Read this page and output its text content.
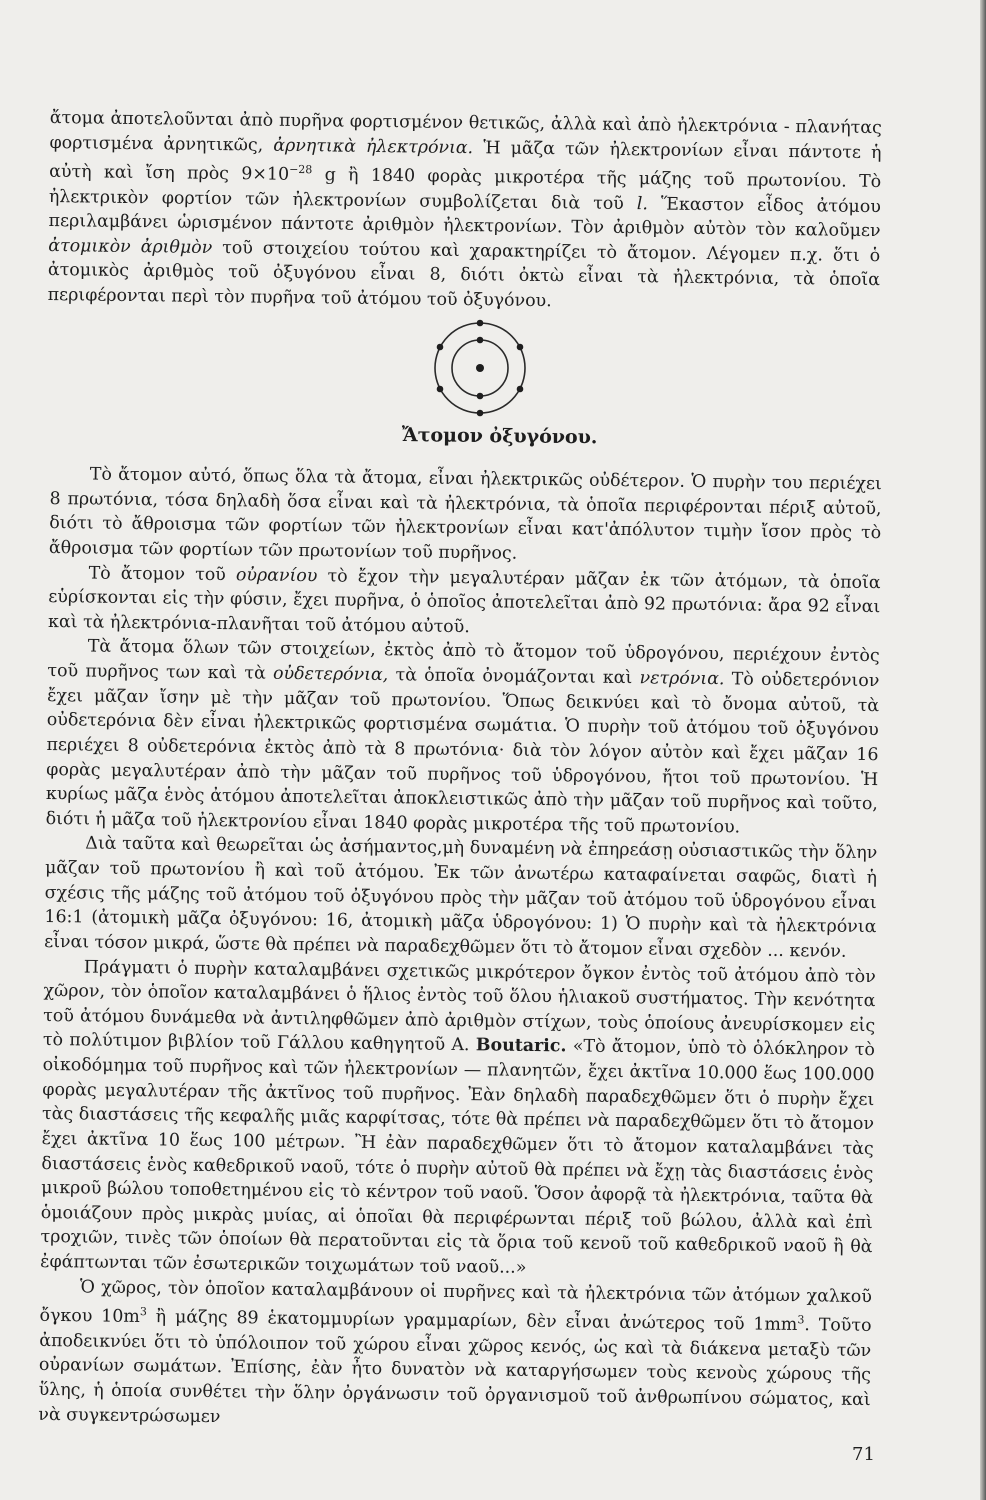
ἄτομα ἀποτελοῦνται ἀπὸ πυρῆνα φορτισμένον θετικῶς, ἀλλὰ καὶ ἀπὸ ἠλεκτρόνια - πλανήτας φορτισμένα ἀρνητικῶς, ἀρνητικὰ ἠλεκτρόνια. Ἡ μᾶζα τῶν ἠλεκτρονίων εἶναι πάντοτε ἡ αὐτὴ καὶ ἴση πρὸς $9\times 10^{-28}$ g ἢ 1840 φορὰς μικροτέρα τῆς μάζης τοῦ πρωτονίου. Τὸ ἠλεκτρικὸν φορτίον τῶν ἠλεκτρονίων συμβολίζεται διὰ τοῦ l. Ἕκαστον εἶδος ἀτόμου περιλαμβάνει ὡρισμένον πάντοτε ἀριθμὸν ἠλεκτρονίων. Τὸν ἀριθμὸν αὐτὸν τὸν καλοῦμεν ἀτομικὸν ἀριθμὸν τοῦ στοιχείου τούτου καὶ χαρακτηρίζει τὸ ἄτομον. Λέγομεν π.χ. ὅτι ὁ ἀτομικὸς ἀριθμὸς τοῦ ὀξυγόνου εἶναι 8, διότι ὀκτὼ εἶναι τὰ ἠλεκτρόνια, τὰ ὁποῖα περιφέρονται περὶ τὸν πυρῆνα τοῦ ἀτόμου τοῦ ὀξυγόνου.

Ἄτομον ὀξυγόνου.

Τὸ ἄτομον αὐτό, ὅπως ὅλα τὰ ἄτομα, εἶναι ἠλεκτρικῶς οὐδέτερον. Ὁ πυρὴν του περιέχει 8 πρωτόνια, τόσα δηλαδὴ ὅσα εἶναι καὶ τὰ ἠλεκτρόνια, τὰ ὁποῖα περιφέρονται πέριξ αὐτοῦ, διότι τὸ ἄθροισμα τῶν φορτίων τῶν ἠλεκτρονίων εἶναι κατ'ἀπόλυτον τιμὴν ἴσον πρὸς τὸ ἄθροισμα τῶν φορτίων τῶν πρωτονίων τοῦ πυρῆνος.

Τὸ ἄτομον τοῦ οὐρανίου τὸ ἔχον τὴν μεγαλυτέραν μᾶζαν ἐκ τῶν ἀτόμων, τὰ ὁποῖα εὑρίσκονται εἰς τὴν φύσιν, ἔχει πυρῆνα, ὁ ὁποῖος ἀποτελεῖται ἀπὸ 92 πρωτόνια: ἄρα 92 εἶναι καὶ τὰ ἠλεκτρόνια-πλανῆται τοῦ ἀτόμου αὐτοῦ.

Τὰ ἄτομα ὅλων τῶν στοιχείων, ἐκτὸς ἀπὸ τὸ ἄτομον τοῦ ὑδρογόνου, περιέχουν ἐντὸς τοῦ πυρῆνος των καὶ τὰ οὐδετερόνια, τὰ ὁποῖα ὀνομάζονται καὶ νετρόνια. Τὸ οὐδετερόνιον ἔχει μᾶζαν ἴσην μὲ τὴν μᾶζαν τοῦ πρωτονίου. Ὅπως δεικνύει καὶ τὸ ὄνομα αὐτοῦ, τὰ οὐδετερόνια δὲν εἶναι ἠλεκτρικῶς φορτισμένα σωμάτια. Ὁ πυρὴν τοῦ ἀτόμου τοῦ ὀξυγόνου περιέχει 8 οὐδετερόνια ἐκτὸς ἀπὸ τὰ 8 πρωτόνια· διὰ τὸν λόγον αὐτὸν καὶ ἔχει μᾶζαν 16 φορὰς μεγαλυτέραν ἀπὸ τὴν μᾶζαν τοῦ πυρῆνος τοῦ ὑδρογόνου, ἤτοι τοῦ πρωτονίου. Ἡ κυρίως μᾶζα ἑνὸς ἀτόμου ἀποτελεῖται ἀποκλειστικῶς ἀπὸ τὴν μᾶζαν τοῦ πυρῆνος καὶ τοῦτο, διότι ἡ μᾶζα τοῦ ἠλεκτρονίου εἶναι 1840 φορὰς μικροτέρα τῆς τοῦ πρωτονίου.

Διὰ ταῦτα καὶ θεωρεῖται ὡς ἀσήμαντος,μὴ δυναμένη νὰ ἐπηρεάσῃ οὐσιαστικῶς τὴν ὅλην μᾶζαν τοῦ πρωτονίου ἢ καὶ τοῦ ἀτόμου. Ἐκ τῶν ἀνωτέρω καταφαίνεται σαφῶς, διατὶ ἡ σχέσις τῆς μάζης τοῦ ἀτόμου τοῦ ὀξυγόνου πρὸς τὴν μᾶζαν τοῦ ἀτόμου τοῦ ὑδρογόνου εἶναι 16:1 (ἀτομικὴ μᾶζα ὀξυγόνου: 16, ἀτομικὴ μᾶζα ὑδρογόνου: 1) Ὁ πυρὴν καὶ τὰ ἠλεκτρόνια εἶναι τόσον μικρά, ὥστε θὰ πρέπει νὰ παραδεχθῶμεν ὅτι τὸ ἄτομον εἶναι σχεδὸν ... κενόν.

Πράγματι ὁ πυρὴν καταλαμβάνει σχετικῶς μικρότερον ὄγκον ἐντὸς τοῦ ἀτόμου ἀπὸ τὸν χῶρον, τὸν ὁποῖον καταλαμβάνει ὁ ἥλιος ἐντὸς τοῦ ὅλου ἡλιακοῦ συστήματος. Τὴν κενότητα τοῦ ἀτόμου δυνάμεθα νὰ ἀντιληφθῶμεν ἀπὸ ἀριθμὸν στίχων, τοὺς ὁποίους ἀνευρίσκομεν εἰς τὸ πολύτιμον βιβλίον τοῦ Γάλλου καθηγητοῦ Α. Boutaric. «Τὸ ἄτομον, ὑπὸ τὸ ὁλόκληρον τὸ οἰκοδόμημα τοῦ πυρῆνος καὶ τῶν ἠλεκτρονίων — πλανητῶν, ἔχει ἀκτῖνα 10.000 ἕως 100.000 φορὰς μεγαλυτέραν τῆς ἀκτῖνος τοῦ πυρῆνος. Ἐὰν δηλαδὴ παραδεχθῶμεν ὅτι ὁ πυρὴν ἔχει τὰς διαστάσεις τῆς κεφαλῆς μιᾶς καρφίτσας, τότε θὰ πρέπει νὰ παραδεχθῶμεν ὅτι τὸ ἄτομον ἔχει ἀκτῖνα 10 ἕως 100 μέτρων. Ἢ ἐὰν παραδεχθῶμεν ὅτι τὸ ἄτομον καταλαμβάνει τὰς διαστάσεις ἑνὸς καθεδρικοῦ ναοῦ, τότε ὁ πυρὴν αὐτοῦ θὰ πρέπει νὰ ἔχῃ τὰς διαστάσεις ἑνὸς μικροῦ βώλου τοποθετημένου εἰς τὸ κέντρον τοῦ ναοῦ. Ὅσον ἀφορᾷ τὰ ἠλεκτρόνια, ταῦτα θὰ ὁμοιάζουν πρὸς μικρὰς μυίας, αἱ ὁποῖαι θὰ περιφέρωνται πέριξ τοῦ βώλου, ἀλλὰ καὶ ἐπὶ τροχιῶν, τινὲς τῶν ὁποίων θὰ περατοῦνται εἰς τὰ ὅρια τοῦ κενοῦ τοῦ καθεδρικοῦ ναοῦ ἢ θὰ ἐφάπτωνται τῶν ἐσωτερικῶν τοιχωμάτων τοῦ ναοῦ...»

Ὁ χῶρος, τὸν ὁποῖον καταλαμβάνουν οἱ πυρῆνες καὶ τὰ ἠλεκτρόνια τῶν ἀτόμων χαλκοῦ ὄγκου $10m^3$ ἢ μάζης 89 ἑκατομμυρίων γραμμαρίων, δὲν εἶναι ἀνώτερος τοῦ $1mm^3$. Τοῦτο ἀποδεικνύει ὅτι τὸ ὑπόλοιπον τοῦ χώρου εἶναι χῶρος κενός, ὡς καὶ τὰ διάκενα μεταξὺ τῶν οὐρανίων σωμάτων. Ἐπίσης, ἐὰν ἦτο δυνατὸν νὰ καταργήσωμεν τοὺς κενοὺς χώρους τῆς ὕλης, ἡ ὁποία συνθέτει τὴν ὅλην ὀργάνωσιν τοῦ ὀργανισμοῦ τοῦ ἀνθρωπίνου σώματος, καὶ νὰ συγκεντρώσωμεν

71
